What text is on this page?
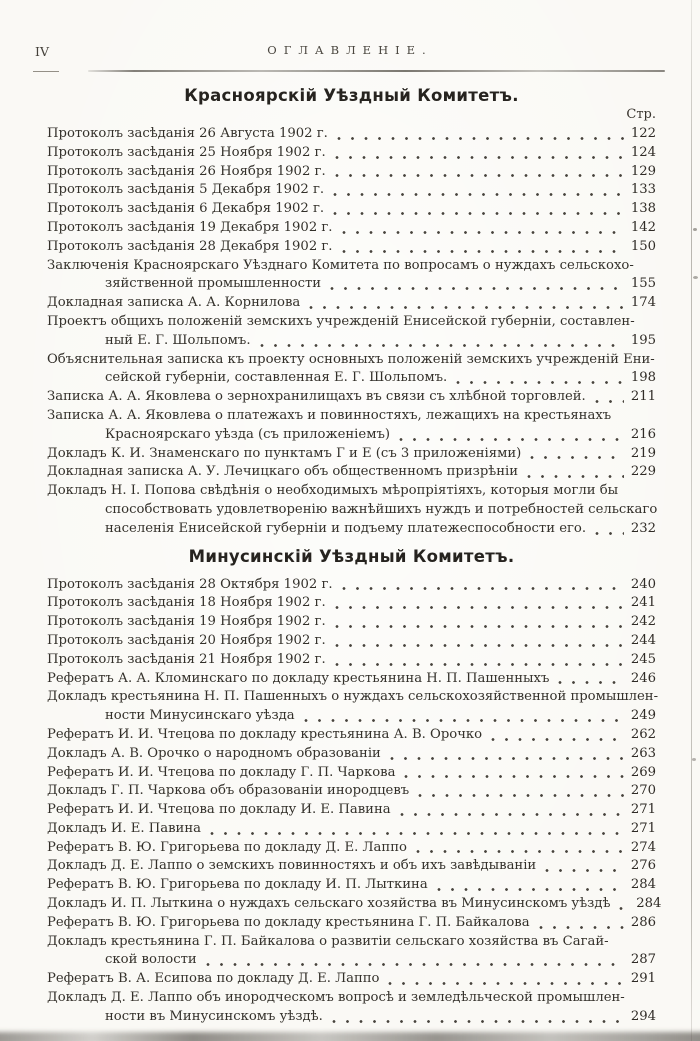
IV	ОГЛАВЛЕНІЕ.
Красноярскій Уѣздный Комитетъ.
Стр.
Протоколъ засѣданія 26 Августа 1902 г.	122
Протоколъ засѣданія 25 Ноября 1902 г.	124
Протоколъ засѣданія 26 Ноября 1902 г.	129
Протоколъ засѣданія 5 Декабря 1902 г.	133
Протоколъ засѣданія 6 Декабря 1902 г.	138
Протоколъ засѣданія 19 Декабря 1902 г.	142
Протоколъ засѣданія 28 Декабря 1902 г.	150
Заключенія Красноярскаго Уѣзднаго Комитета по вопросамъ о нуждахъ сельскохо-
зяйственной промышленности	155
Докладная записка А. А. Корнилова	174
Проектъ общихъ положеній земскихъ учрежденій Енисейской губерніи, составлен-
ный Е. Г. Шольпомъ.	195
Объяснительная записка къ проекту основныхъ положеній земскихъ учрежденій Ени-
сейской губерніи, составленная Е. Г. Шольпомъ.	198
Записка А. А. Яковлева о зернохранилищахъ въ связи съ хлѣбной торговлей.	211
Записка А. А. Яковлева о платежахъ и повинностяхъ, лежащихъ на крестьянахъ
Красноярскаго уѣзда (съ приложеніемъ)	216
Докладъ К. И. Знаменскаго по пунктамъ Г и Е (съ 3 приложеніями)	219
Докладная записка А. У. Лечицкаго объ общественномъ призрѣніи	229
Докладъ Н. І. Попова свѣдѣнія о необходимыхъ мѣропріятіяхъ, которыя могли бы
способствовать удовлетворенію важнѣйшихъ нуждъ и потребностей сельскаго
населенія Енисейской губерніи и подъему платежеспособности его.	232
Минусинскій Уѣздный Комитетъ.
Протоколъ засѣданія 28 Октября 1902 г.	240
Протоколъ засѣданія 18 Ноября 1902 г.	241
Протоколъ засѣданія 19 Ноября 1902 г.	242
Протоколъ засѣданія 20 Ноября 1902 г.	244
Протоколъ засѣданія 21 Ноября 1902 г.	245
Рефератъ А. А. Кломинскаго по докладу крестьянина Н. П. Пашенныхъ	246
Докладъ крестьянина Н. П. Пашенныхъ о нуждахъ сельскохозяйственной промышлен-
ности Минусинскаго уѣзда	249
Рефератъ И. И. Чтецова по докладу крестьянина А. В. Орочко	262
Докладъ А. В. Орочко о народномъ образованіи	263
Рефератъ И. И. Чтецова по докладу Г. П. Чаркова	269
Докладъ Г. П. Чаркова объ образованіи инородцевъ	270
Рефератъ И. И. Чтецова по докладу И. Е. Павина	271
Докладъ И. Е. Павина	271
Рефератъ В. Ю. Григорьева по докладу Д. Е. Лаппо	274
Докладъ Д. Е. Лаппо о земскихъ повинностяхъ и объ ихъ завѣдываніи	276
Рефератъ В. Ю. Григорьева по докладу И. П. Лыткина	284
Докладъ И. П. Лыткина о нуждахъ сельскаго хозяйства въ Минусинскомъ уѣздѣ 284
Рефератъ В. Ю. Григорьева по докладу крестьянина Г. П. Байкалова	286
Докладъ крестьянина Г. П. Байкалова о развитіи сельскаго хозяйства въ Сагай-
ской волости	287
Рефератъ В. А. Есипова по докладу Д. Е. Лаппо	291
Докладъ Д. Е. Лаппо объ инородческомъ вопросѣ и земледѣльческой промышлен-
ности въ Минусинскомъ уѣздѣ.	294
